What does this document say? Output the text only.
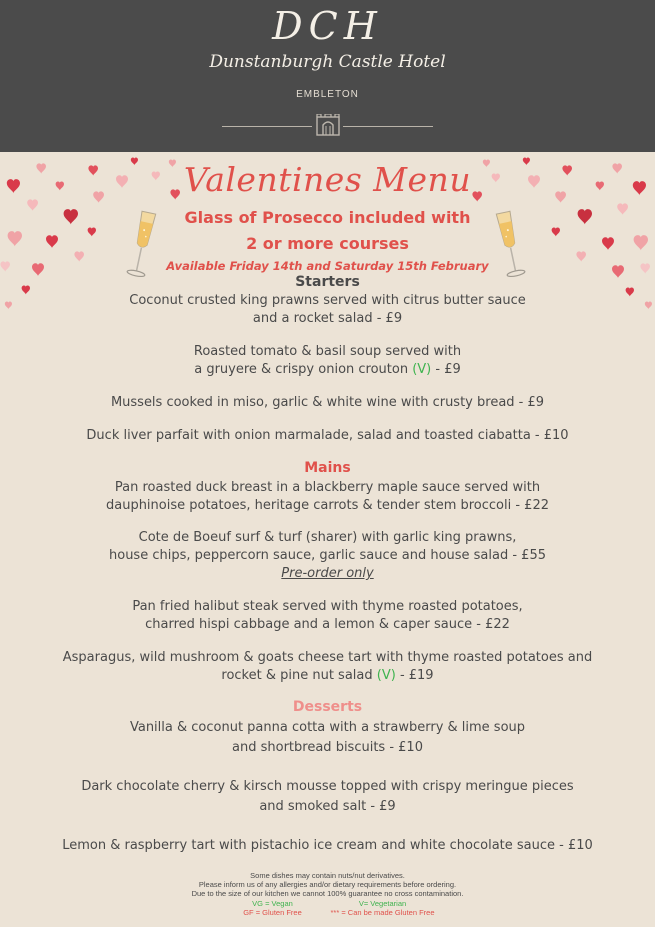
DCH
Dunstanburgh Castle Hotel
EMBLETON
Valentines Menu
Glass of Prosecco included with
2 or more courses
Available Friday 14th and Saturday 15th February
Starters
Coconut crusted king prawns served with citrus butter sauce
and a rocket salad - £9
Roasted tomato & basil soup served with
a gruyere & crispy onion crouton (V) - £9
Mussels cooked in miso, garlic & white wine with crusty bread - £9
Duck liver parfait with onion marmalade, salad and toasted ciabatta - £10
Mains
Pan roasted duck breast in a blackberry maple sauce served with
dauphinoise potatoes, heritage carrots & tender stem broccoli - £22
Cote de Boeuf surf & turf (sharer) with garlic king prawns,
house chips, peppercorn sauce, garlic sauce and house salad - £55
Pre-order only
Pan fried halibut steak served with thyme roasted potatoes,
charred hispi cabbage and a lemon & caper sauce - £22
Asparagus, wild mushroom & goats cheese tart with thyme roasted potatoes and
rocket & pine nut salad (V) - £19
Desserts
Vanilla & coconut panna cotta with a strawberry & lime soup
and shortbread biscuits - £10
Dark chocolate cherry & kirsch mousse topped with crispy meringue pieces
and smoked salt - £9
Lemon & raspberry tart with pistachio ice cream and white chocolate sauce - £10
Some dishes may contain nuts/nut derivatives.
Please inform us of any allergies and/or dietary requirements before ordering.
Due to the size of our kitchen we cannot 100% guarantee no cross contamination.
VG = Vegan	V= Vegetarian
GF = Gluten Free	*** = Can be made Gluten Free
